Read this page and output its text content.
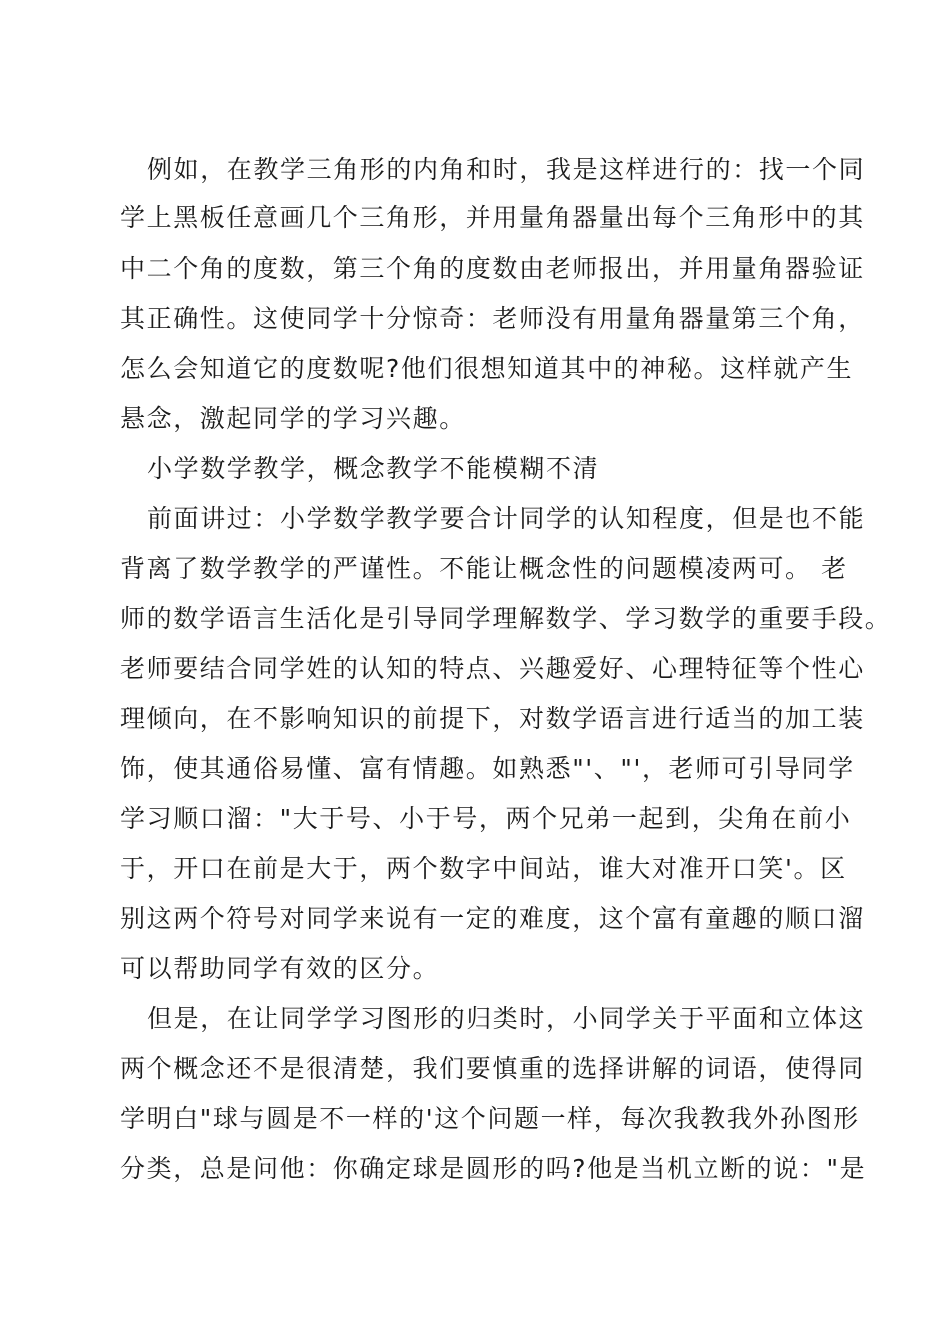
例如，在教学三角形的内角和时，我是这样进行的：找一个同
学上黑板任意画几个三角形，并用量角器量出每个三角形中的其
中二个角的度数，第三个角的度数由老师报出，并用量角器验证
其正确性。这使同学十分惊奇：老师没有用量角器量第三个角，
怎么会知道它的度数呢?他们很想知道其中的神秘。这样就产生
悬念，激起同学的学习兴趣。
小学数学教学，概念教学不能模糊不清
前面讲过：小学数学教学要合计同学的认知程度，但是也不能
背离了数学教学的严谨性。不能让概念性的问题模凌两可。 老
师的数学语言生活化是引导同学理解数学、学习数学的重要手段。
老师要结合同学姓的认知的特点、兴趣爱好、心理特征等个性心
理倾向，在不影响知识的前提下，对数学语言进行适当的加工装
饰，使其通俗易懂、富有情趣。如熟悉"'、"'，老师可引导同学
学习顺口溜："大于号、小于号，两个兄弟一起到，尖角在前小
于，开口在前是大于，两个数字中间站，谁大对准开口笑'。区
别这两个符号对同学来说有一定的难度，这个富有童趣的顺口溜
可以帮助同学有效的区分。
但是，在让同学学习图形的归类时，小同学关于平面和立体这
两个概念还不是很清楚，我们要慎重的选择讲解的词语，使得同
学明白"球与圆是不一样的'这个问题一样，每次我教我外孙图形
分类，总是问他：你确定球是圆形的吗?他是当机立断的说："是
